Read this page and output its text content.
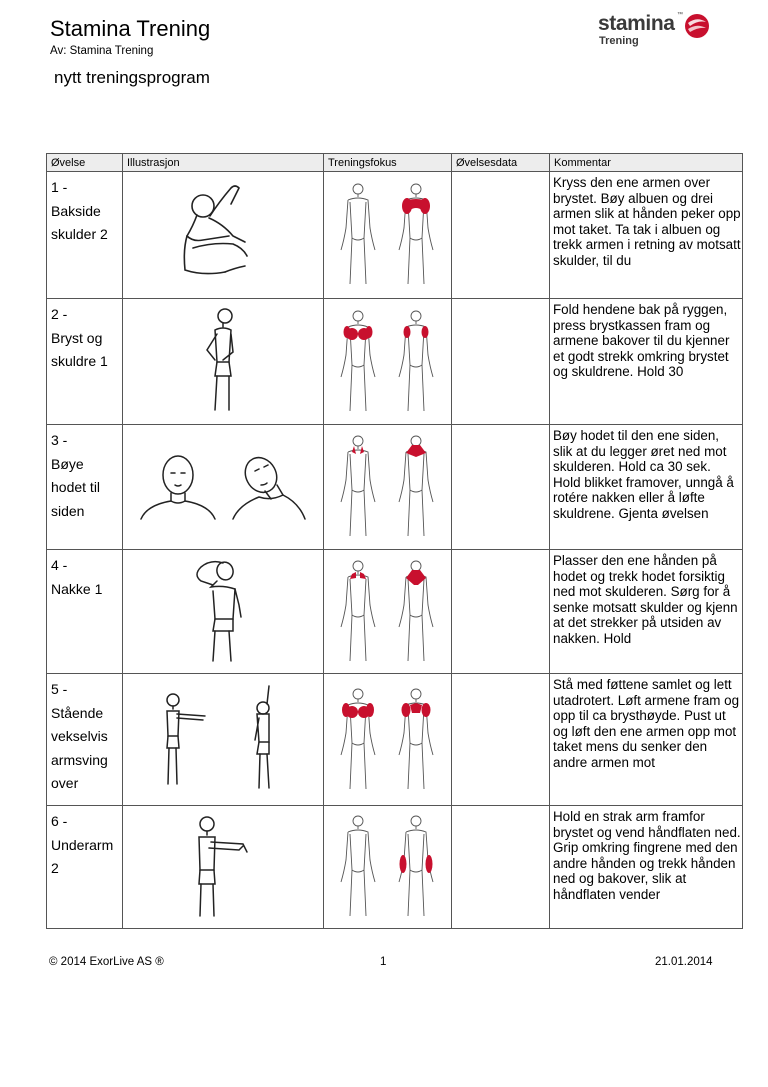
Stamina Trening
Av: Stamina Trening
nytt treningsprogram
stamina ™
Trening
Øvelse	Illustrasjon	Treningsfokus	Øvelsesdata	Kommentar

1 -
Bakside
skulder 2				Kryss den ene armen over brystet. Bøy albuen og drei armen slik at hånden peker opp mot taket. Ta tak i albuen og trekk armen i retning av motsatt skulder, til du

2 -
Bryst og
skuldre 1				Fold hendene bak på ryggen, press brystkassen fram og armene bakover til du kjenner et godt strekk omkring brystet og skuldrene. Hold 30

3 -
Bøye
hodet til
siden				Bøy hodet til den ene siden, slik at du legger øret ned mot skulderen. Hold ca 30 sek. Hold blikket framover, unngå å rotére nakken eller å løfte skuldrene. Gjenta øvelsen

4 -
Nakke 1				Plasser den ene hånden på hodet og trekk hodet forsiktig ned mot skulderen. Sørg for å senke motsatt skulder og kjenn at det strekker på utsiden av nakken. Hold

5 -
Stående
vekselvis
armsving
over				Stå med føttene samlet og lett utadrotert. Løft armene fram og opp til ca brysthøyde. Pust ut og løft den ene armen opp mot taket mens du senker den andre armen mot

6 -
Underarm
2				Hold en strak arm framfor brystet og vend håndflaten ned. Grip omkring fingrene med den andre hånden og trekk hånden ned og bakover, slik at håndflaten vender
© 2014 ExorLive AS ®	1	21.01.2014
